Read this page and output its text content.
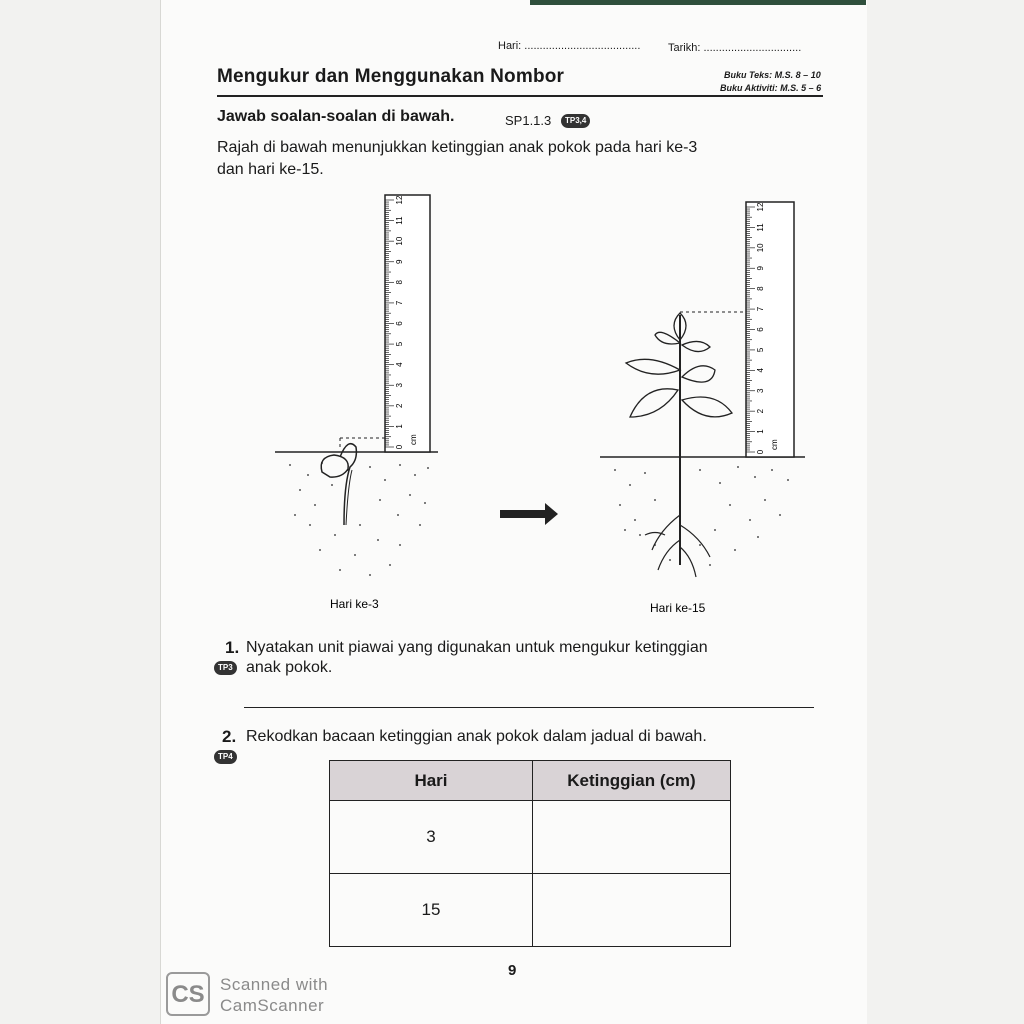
Hari: ......................................	Tarikh: ................................
Mengukur dan Menggunakan Nombor	Buku Teks: M.S. 8 – 10
Buku Aktiviti: M.S. 5 – 6
Jawab soalan-soalan di bawah.	SP1.1.3	TP3,4
Rajah di bawah menunjukkan ketinggian anak pokok pada hari ke-3
dan hari ke-15.
0
1
2
3
4
5
6
7
8
9
10
11
12
cm
0
1
2
3
4
5
6
7
8
9
10
11
12
cm
Hari ke-3	Hari ke-15
1. Nyatakan unit piawai yang digunakan untuk mengukur ketinggian
TP3 anak pokok.
2. Rekodkan bacaan ketinggian anak pokok dalam jadual di bawah.
TP4
Hari	Ketinggian (cm)
3	
15	
9
CS Scanned with
CamScanner
